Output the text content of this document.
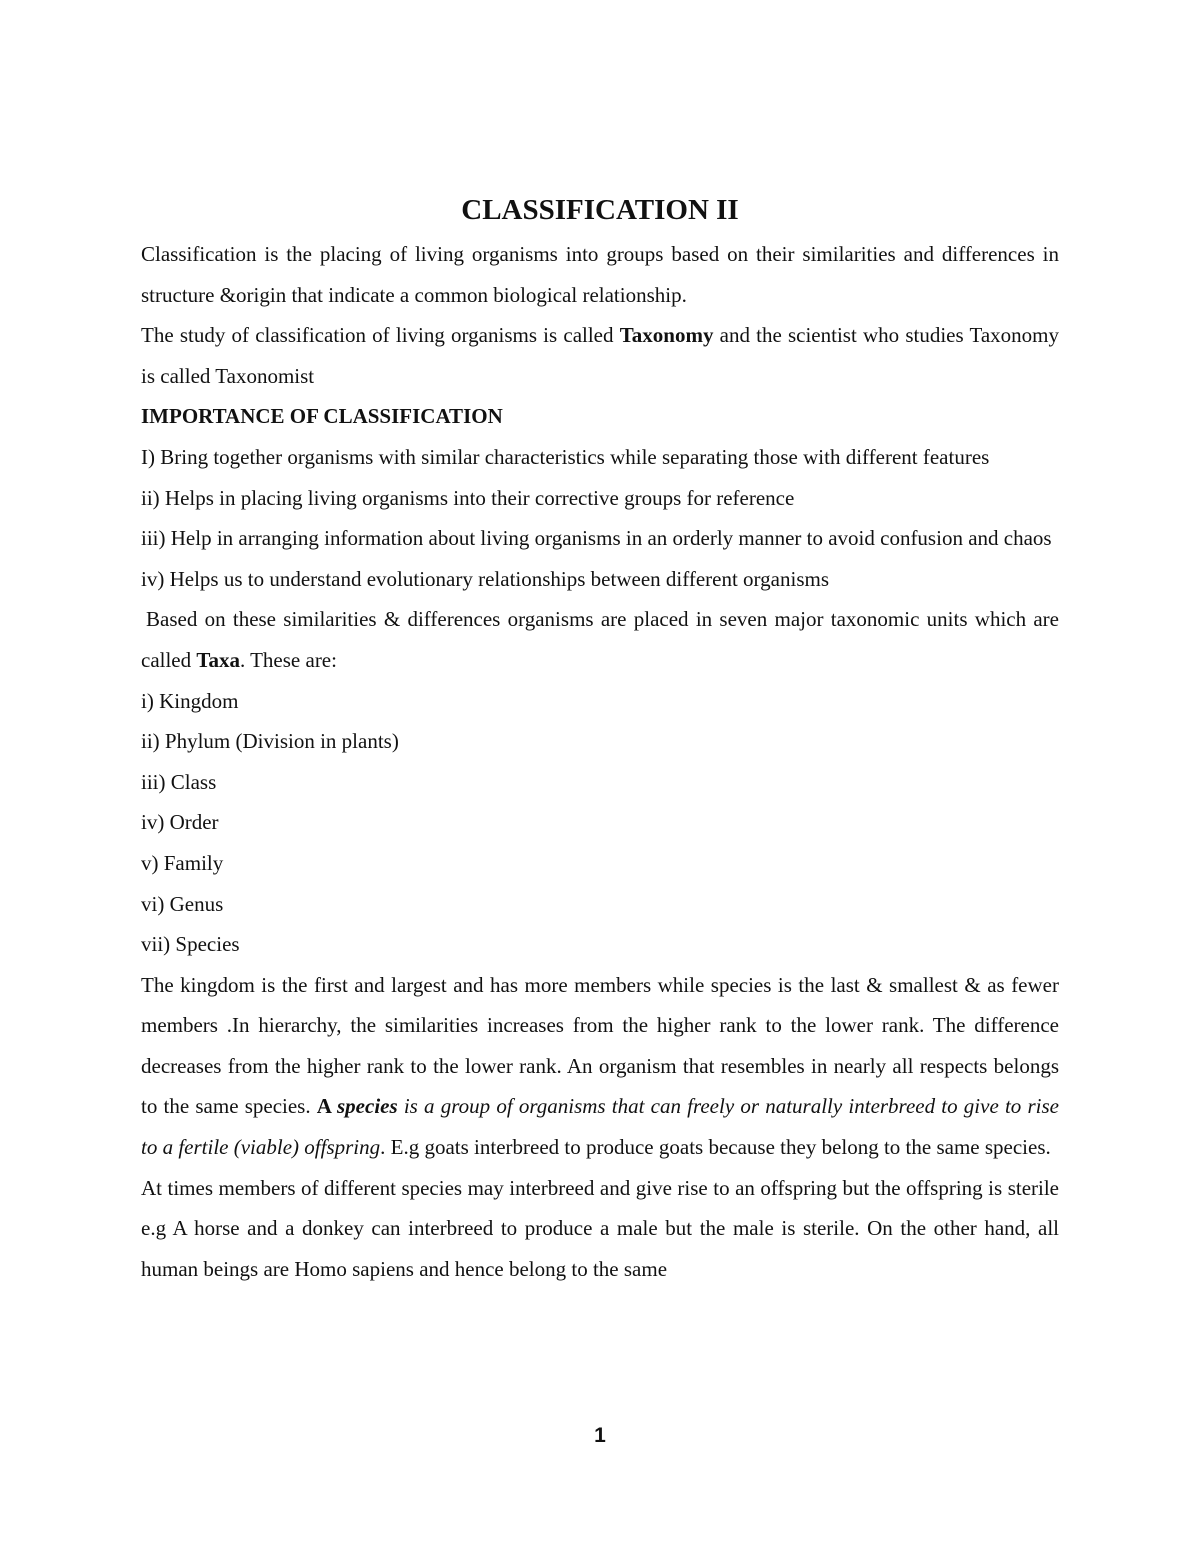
CLASSIFICATION II

Classification is the placing of living organisms into groups based on their similarities and differences in structure &origin that indicate a common biological relationship.

The study of classification of living organisms is called Taxonomy and the scientist who studies Taxonomy is called Taxonomist

IMPORTANCE OF CLASSIFICATION

I) Bring together organisms with similar characteristics while separating those with different features

ii) Helps in placing living organisms into their corrective groups for reference

iii) Help in arranging information about living organisms in an orderly manner to avoid confusion and chaos

iv) Helps us to understand evolutionary relationships between different organisms

Based on these similarities & differences organisms are placed in seven major taxonomic units which are called Taxa. These are:

i) Kingdom

ii) Phylum (Division in plants)

iii) Class

iv) Order

v) Family

vi) Genus

vii) Species

The kingdom is the first and largest and has more members while species is the last & smallest & as fewer members .In hierarchy, the similarities increases from the higher rank to the lower rank. The difference decreases from the higher rank to the lower rank. An organism that resembles in nearly all respects belongs to the same species. A species is a group of organisms that can freely or naturally interbreed to give to rise to a fertile (viable) offspring. E.g goats interbreed to produce goats because they belong to the same species.

At times members of different species may interbreed and give rise to an offspring but the offspring is sterile e.g A horse and a donkey can interbreed to produce a male but the male is sterile. On the other hand, all human beings are Homo sapiens and hence belong to the same

1
